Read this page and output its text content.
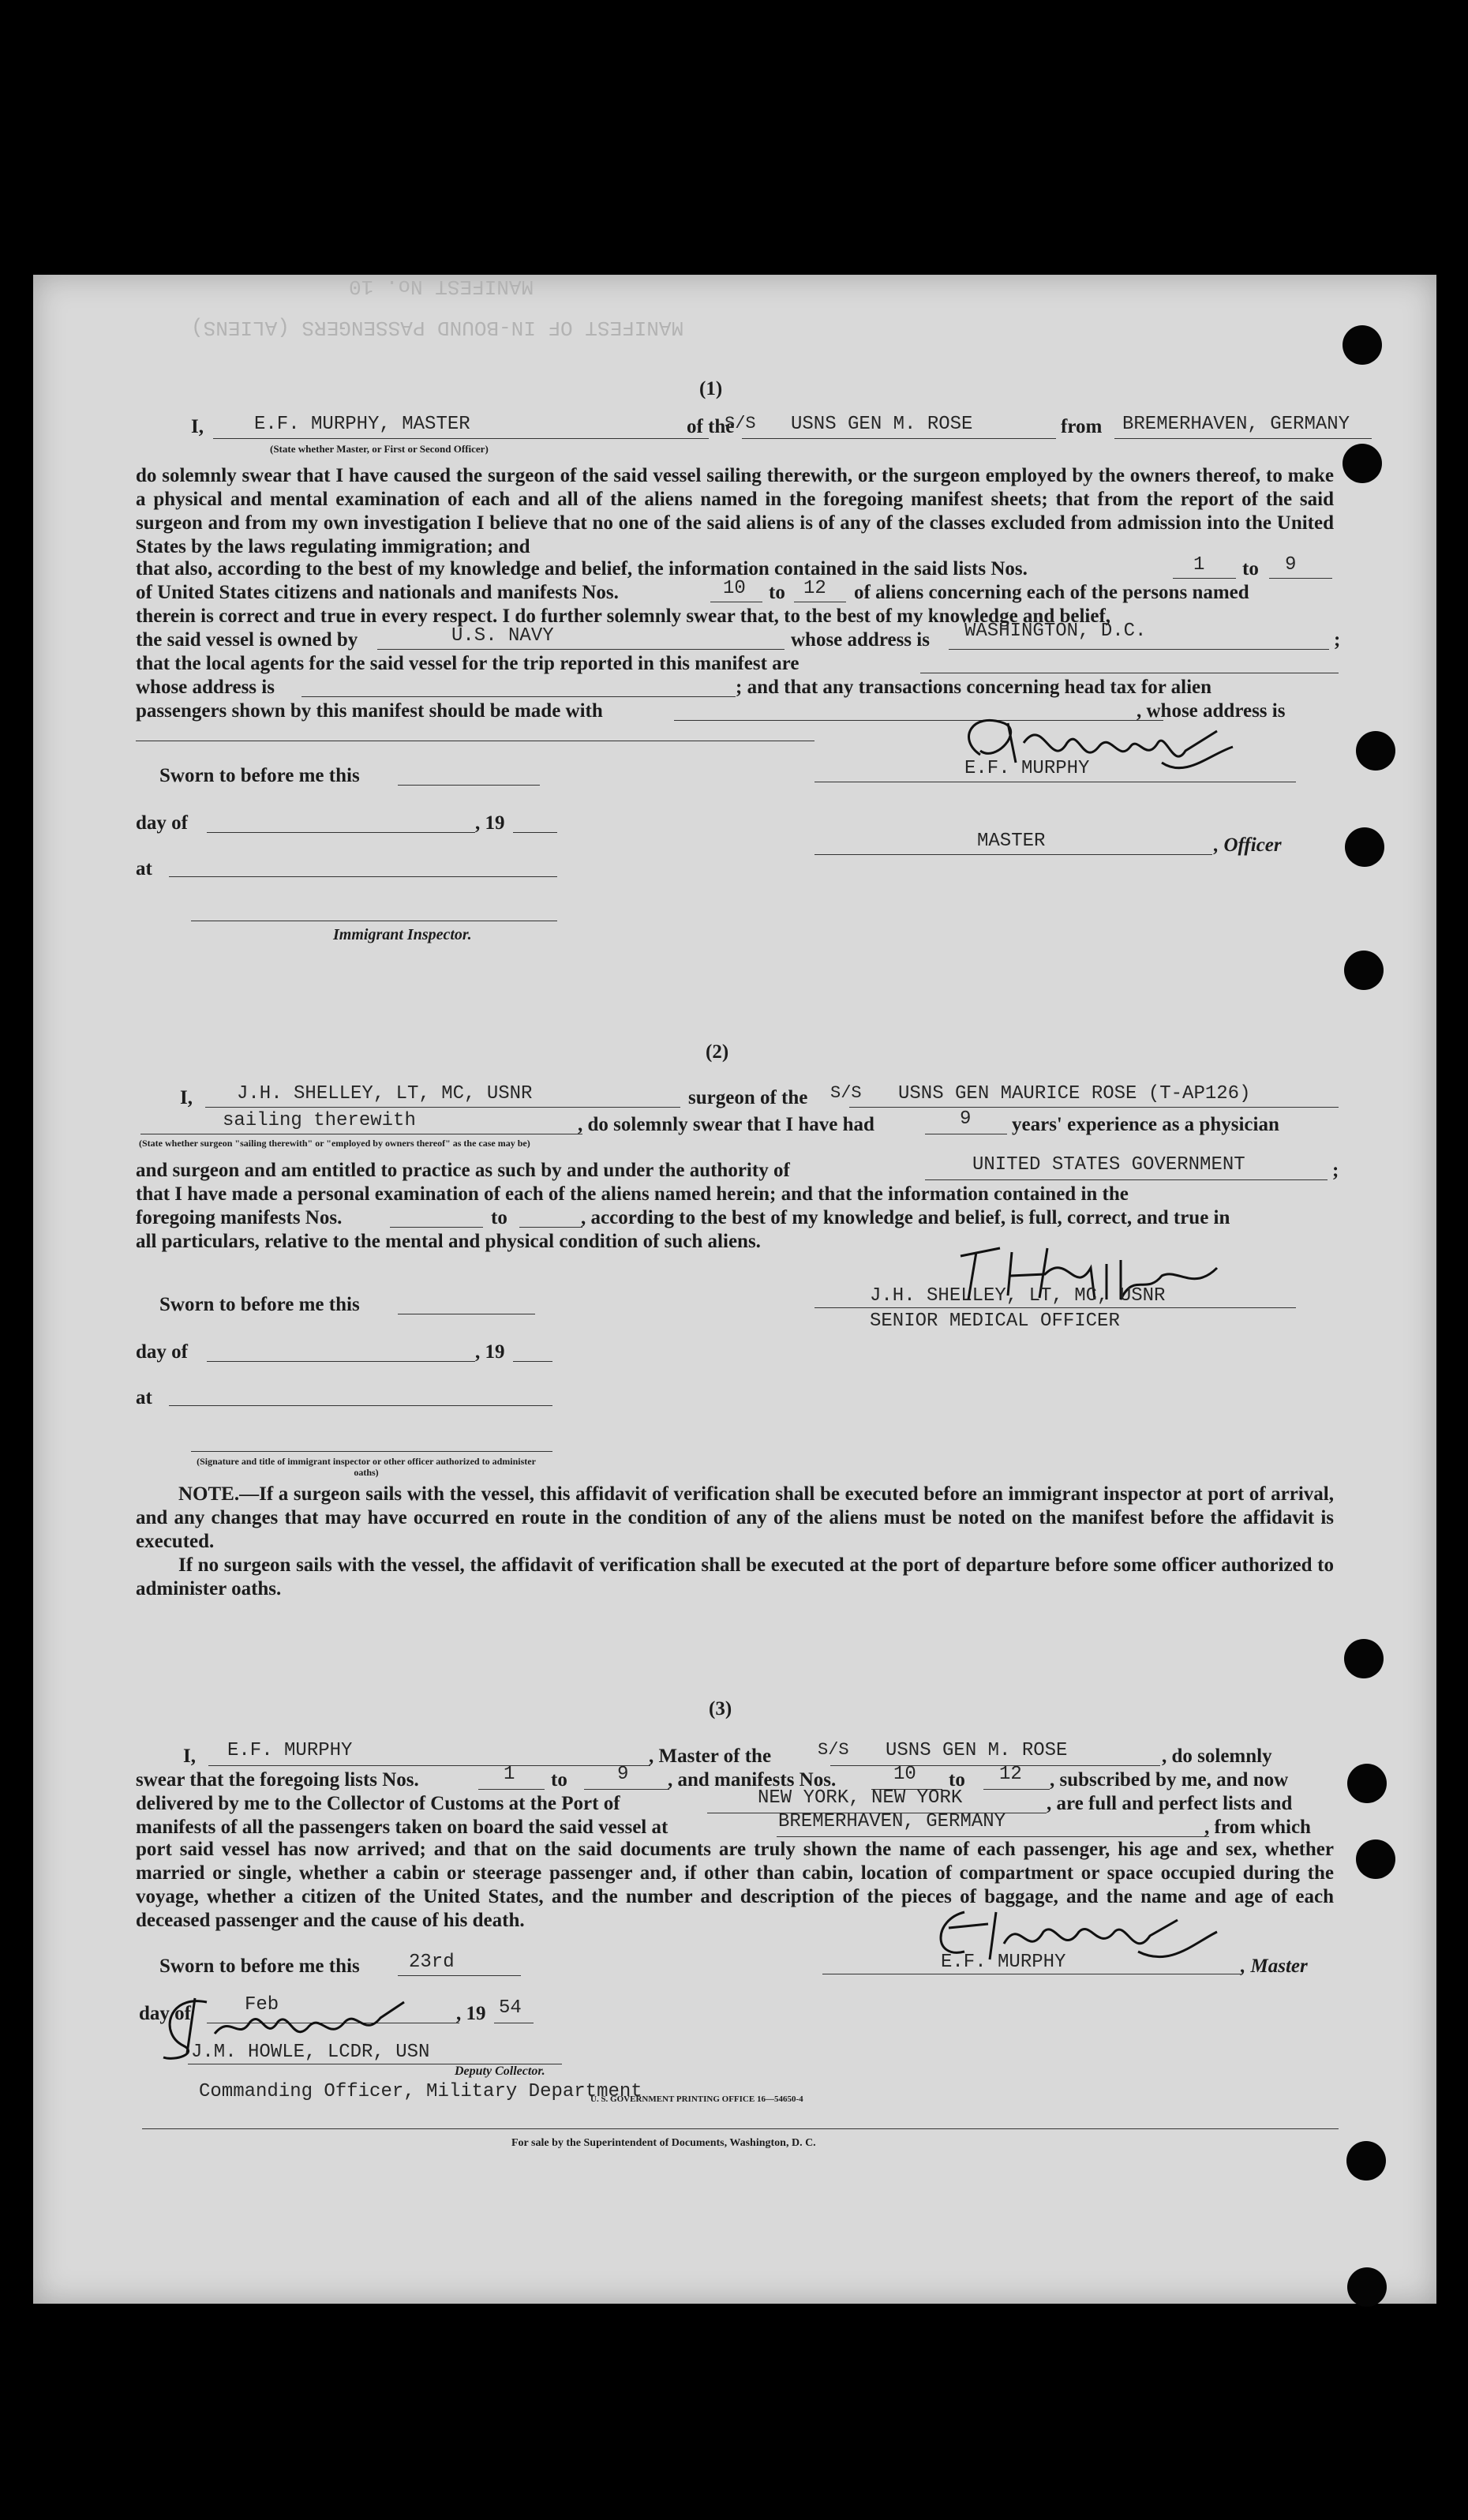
MANIFEST No. 10
MANIFEST OF IN-BOUND PASSENGERS (ALIENS)
(1)
I,	E.F. MURPHY, MASTER
(State whether Master, or First or Second Officer)
of the
S/S USNS GEN M. ROSE	from BREMERHAVEN, GERMANY

do solemnly swear that I have caused the surgeon of the said vessel sailing therewith, or the surgeon employed by the owners thereof, to make a physical and mental examination of each and all of the aliens named in the foregoing manifest sheets; that from the report of the said surgeon and from my own investigation I believe that no one of the said aliens is of any of the classes excluded from admission into the United States by the laws regulating immigration; and

that also, according to the best of my knowledge and belief, the information contained in the said lists Nos.	1 to 9
of United States citizens and nationals and manifests Nos.	10 to 12 of aliens concerning each of the persons named
therein is correct and true in every respect. I do further solemnly swear that, to the best of my knowledge and belief,
the said vessel is owned by	U.S. NAVY	whose address is WASHINGTON, D.C.	;
that the local agents for the said vessel for the trip reported in this manifest are
whose address is	; and that any transactions concerning head tax for alien
passengers shown by this manifest should be made with	, whose address is
Sworn to before me this
day of	, 19
at
Immigrant Inspector.
E.F. MURPHY
MASTER	, Officer
(2)
I, J.H. SHELLEY, LT, MC, USNR	surgeon of the S/S USNS GEN MAURICE ROSE (T-AP126)
sailing therewith	, do solemnly swear that I have had	9 years' experience as a physician
(State whether surgeon "sailing therewith" or "employed by owners thereof" as the case may be)
and surgeon and am entitled to practice as such by and under the authority of	UNITED STATES GOVERNMENT	;
that I have made a personal examination of each of the aliens named herein; and that the information contained in the
foregoing manifests Nos.	to	, according to the best of my knowledge and belief, is full, correct, and true in
all particulars, relative to the mental and physical condition of such aliens.
Sworn to before me this
day of	, 19
at
(Signature and title of immigrant inspector or other officer authorized to administer oaths)
J.H. SHELLEY, LT, MC, USNR
SENIOR MEDICAL OFFICER

NOTE.—If a surgeon sails with the vessel, this affidavit of verification shall be executed before an immigrant inspector at port of arrival, and any changes that may have occurred en route in the condition of any of the aliens must be noted on the manifest before the affidavit is executed.

If no surgeon sails with the vessel, the affidavit of verification shall be executed at the port of departure before some officer authorized to administer oaths.

(3)
I, E.F. MURPHY	, Master of the	S/S USNS GEN M. ROSE	, do solemnly
swear that the foregoing lists Nos.	1 to	9 , and manifests Nos.	10 to 12 , subscribed by me, and now
delivered by me to the Collector of Customs at the Port of	NEW YORK, NEW YORK	, are full and perfect lists and
manifests of all the passengers taken on board the said vessel at	BREMERHAVEN, GERMANY	, from which

port said vessel has now arrived; and that on the said documents are truly shown the name of each passenger, his age and sex, whether married or single, whether a cabin or steerage passenger and, if other than cabin, location of compartment or space occupied during the voyage, whether a citizen of the United States, and the number and description of the pieces of baggage, and the name and age of each deceased passenger and the cause of his death.

Sworn to before me this	23rd
day of	Feb	, 19 54
J.M. HOWLE, LCDR, USN
Deputy Collector.
Commanding Officer, Military Department
U. S. GOVERNMENT PRINTING OFFICE 16—54650-4
E.F. MURPHY	, Master
For sale by the Superintendent of Documents, Washington, D. C.
